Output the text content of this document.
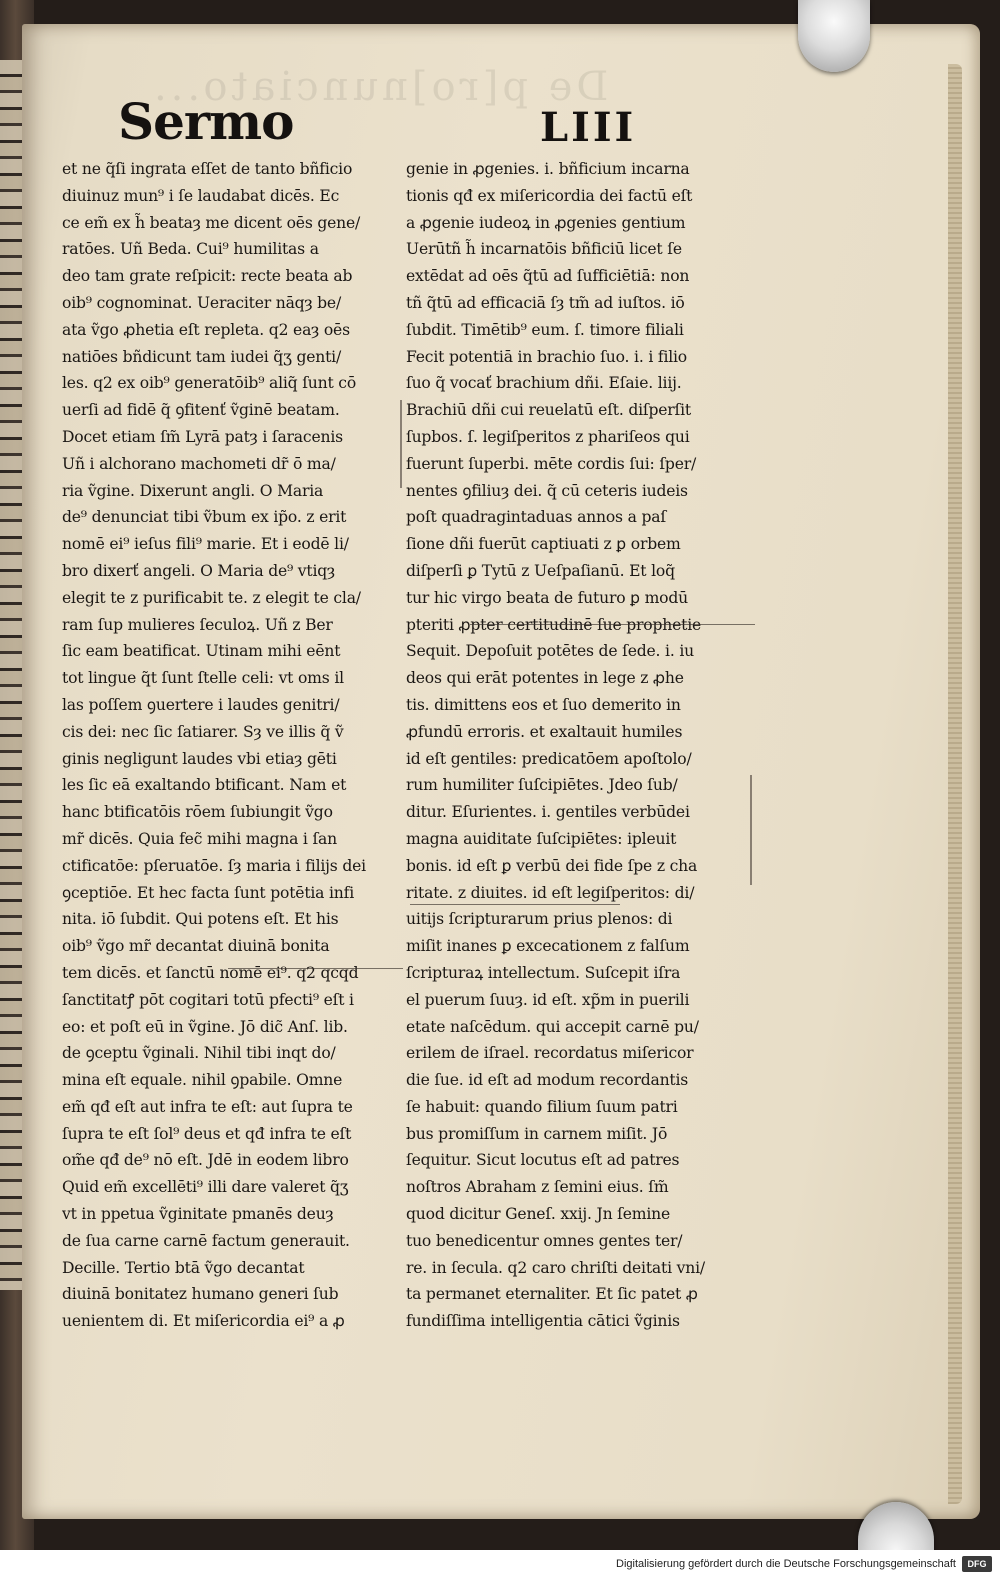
De p[ro]nunciato...
Sermo	LIII
et ne q̃ſi ingrata eſſet de tanto bñficio
diuinuz mun⁹ i ſe laudabat dicēs. Ec
ce em̃ ex h̃ beataȝ me dicent oēs gene/
ratōes. Uñ Beda. Cui⁹ humilitas a
deo tam grate reſpicit: recte beata ab
oib⁹ cognominat. Ueraciter nāqȝ be/
ata ṽgo ꝓhetia eſt repleta. q2 eaȝ oēs
natiōes bñdicunt tam iudei q̃ʒ genti/
les. q2 ex oib⁹ generatōib⁹ aliq̃ ſunt cō
uerſi ad fidē q̃ ꝯfitenť ṽginē beatam.
Docet etiam ſm̃ Lyrā patȝ i ſaracenis
Uñ i alchorano machometi dr̃ ō ma/
ria ṽgine. Dixerunt angli. O Maria
de⁹ denunciat tibi ṽbum ex ip̃o. z erit
nomē ei⁹ ieſus fili⁹ marie. Et i eodē li/
bro dixerť angeli. O Maria de⁹ vtiqȝ
elegit te z purificabit te. z elegit te cla/
ram ſup mulieres ſeculoꝝ. Uñ z Ber
ſic eam beatificat. Utinam mihi eēnt
tot lingue q̃t ſunt ſtelle celi: vt oms il
las poſſem ꝯuertere i laudes genitri/
cis dei: nec ſic ſatiarer. Sȝ ve illis q̃ ṽ
ginis negligunt laudes vbi etiaȝ gēti
les ſic eā exaltando btificant. Nam et
hanc btificatōis rōem ſubiungit ṽgo
mr̃ dicēs. Quia fec̃ mihi magna i ſan
ctificatōe: pſeruatōe. ſȝ maria i filijs dei
ꝯceptiōe. Et hec facta ſunt potētia infi
nita. iō ſubdit. Qui potens eſt. Et his
oib⁹ ṽgo mr̃ decantat diuinā bonita
tem dicēs. et ſanctū nomē ei⁹. q2 qcqd
ſanctitatꝭ pōt cogitari totū pfecti⁹ eſt i
eo: et poſt eū in ṽgine. Jō dic̃ Anſ. lib.
de ꝯceptu ṽginali. Nihil tibi inqt do/
mina eſt equale. nihil ꝯpabile. Omne
em̃ qđ eſt aut infra te eſt: aut ſupra te
ſupra te eſt ſol⁹ deus et qđ infra te eſt
om̃e qđ de⁹ nō eſt. Jdē in eodem libro
Quid em̃ excellēti⁹ illi dare valeret q̃ʒ
vt in ppetua ṽginitate pmanēs deuȝ
de ſua carne carnē factum generauit.
Decille. Tertio btā ṽgo decantat
diuinā bonitatez humano generi ſub
uenientem di. Et miſericordia ei⁹ a ꝓ
genie in ꝓgenies. i. bñficium incarna
tionis qđ ex miſericordia dei factū eſt
a ꝓgenie iudeoꝝ in ꝓgenies gentium
Uerūtñ h̃ incarnatōis bñficiū licet ſe
extēdat ad oēs q̃tū ad ſufficiētiā: non
tñ q̃tū ad efficaciā ſȝ tm̃ ad iuſtos. iō
ſubdit. Timētib⁹ eum. ſ. timore filiali
Fecit potentiā in brachio ſuo. i. i filio
ſuo q̃ vocať brachium dñi. Eſaie. liij.
Brachiū dñi cui reuelatū eſt. diſperſit
ſupbos. ſ. legiſperitos z phariſeos qui
fuerunt ſuperbi. mēte cordis ſui: ſper/
nentes ꝯfiliuȝ dei. q̃ cū ceteris iudeis
poſt quadragintaduas annos a paſ
ſione dñi fuerūt captiuati z ꝑ orbem
diſperſi ꝑ Tytū z Ueſpaſianū. Et loq̃
tur hic virgo beata de futuro ꝑ modū
pteriti ꝓpter certitudinē ſue prophetie
Sequit. Depoſuit potētes de ſede. i. iu
deos qui erāt potentes in lege z ꝓhe
tis. dimittens eos et ſuo demerito in
ꝓfundū erroris. et exaltauit humiles
id eſt gentiles: predicatōem apoſtolo/
rum humiliter ſuſcipiētes. Jdeo ſub/
ditur. Eſurientes. i. gentiles verbūdei
magna auiditate ſuſcipiētes: ipleuit
bonis. id eſt ꝑ verbū dei fide ſpe z cha
ritate. z diuites. id eſt legiſperitos: di/
uitijs ſcripturarum prius plenos: di
miſit inanes ꝑ excecationem z falſum
ſcripturaꝝ intellectum. Suſcepit iſra
el puerum ſuuȝ. id eſt. xp̃m in puerili
etate naſcēdum. qui accepit carnē pu/
erilem de iſrael. recordatus miſericor
die ſue. id eſt ad modum recordantis
ſe habuit: quando filium ſuum patri
bus promiſſum in carnem miſit. Jō
ſequitur. Sicut locutus eſt ad patres
noſtros Abraham z ſemini eius. ſm̃
quod dicitur Geneſ. xxij. Jn ſemine
tuo benedicentur omnes gentes ter/
re. in ſecula. q2 caro chriſti deitati vni/
ta permanet eternaliter. Et ſic patet ꝓ
fundiſſima intelligentia cātici ṽginis
Digitalisierung gefördert durch die Deutsche Forschungsgemeinschaft	DFG
